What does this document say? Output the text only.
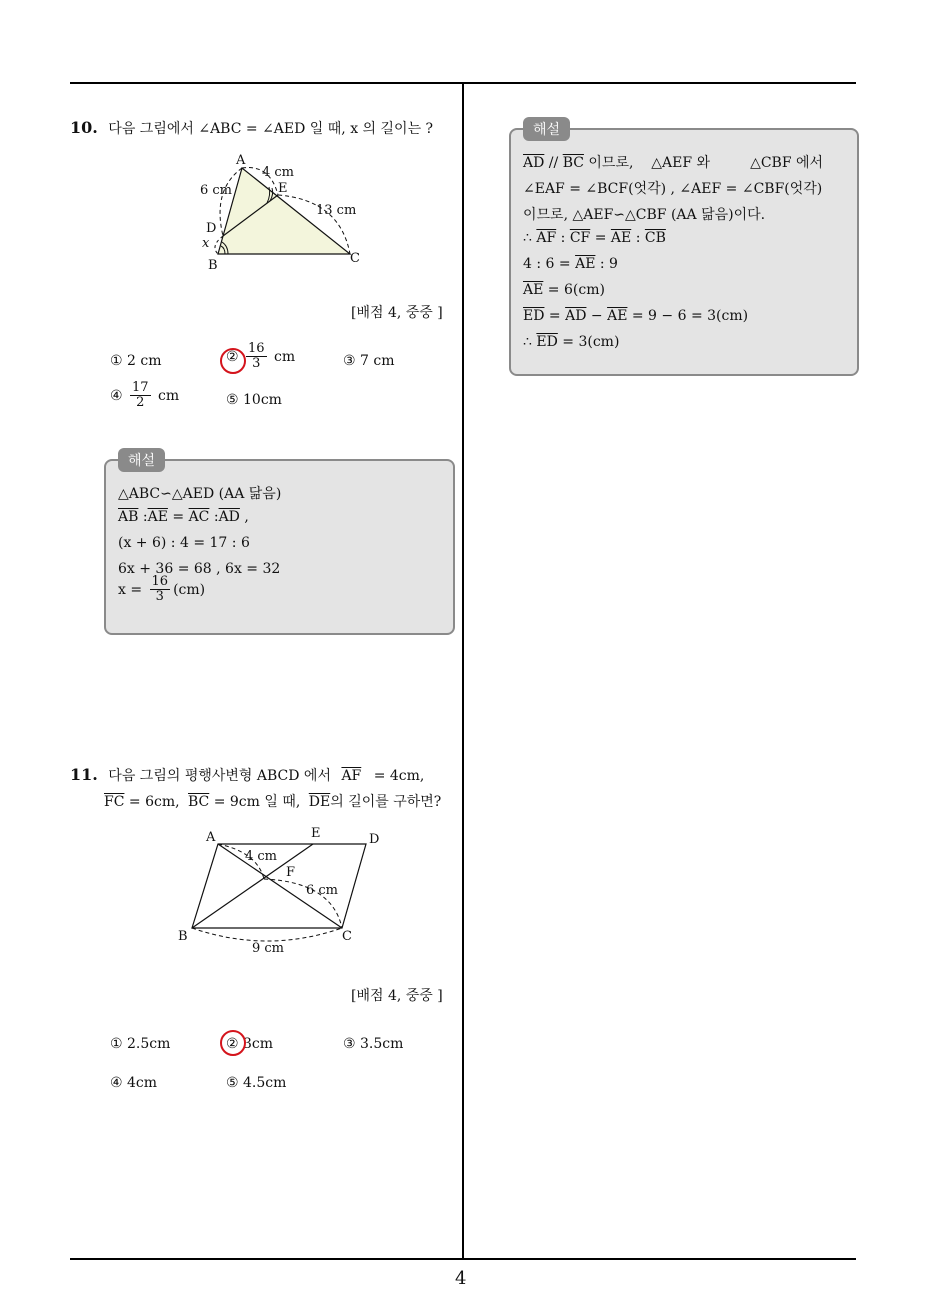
4
10. 다음 그림에서 ∠ABC = ∠AED 일 때, x 의 길이는 ?
A
B	C
D
E
4 cm
6 cm
13 cm
x
[배점 4, 중중 ]
① 2 cm	② $\frac{16}{3}$ cm	③ 7 cm
④ $\frac{17}{2}$ cm	⑤ 10cm
△ABC∽△AED (AA 닮음)
$\overline{AB}$ $:\overline{AE} = \overline{AC}$ $:\overline{AD}$ ,
(x + 6) : 4 = 17 : 6
6x + 36 = 68 , 6x = 32
$x = \frac{16}{3} (cm)$
해설
11. 다음 그림의 평행사변형 ABCD 에서 $\overline{AF} = 4cm$,
$\overline{FC} = 6cm$, $\overline{BC} = 9cm$ 일 때, $\overline{DE}$의 길이를 구하면?
A	E	D
F
B	C
4 cm
6 cm
9 cm
[배점 4, 중중 ]
① 2.5cm	② 3cm	③ 3.5cm
④ 4cm	⑤ 4.5cm
$\overline{AD} // \overline{BC}$ 이므로,    △AEF 와         △CBF 에서
∠EAF = ∠BCF(엇각) , ∠AEF = ∠CBF(엇각)
이므로, △AEF∽△CBF (AA 닮음)이다.
∴ $\overline{AF}$ : $\overline{CF} = \overline{AE}$ : $\overline{CB}$
4 : $6 = \overline{AE}$ : 9
$\overline{AE} = 6(cm)$
$\overline{ED} = \overline{AD} - \overline{AE} = 9 - 6 = 3(cm)$
∴ $\overline{ED} = 3(cm)$
해설
